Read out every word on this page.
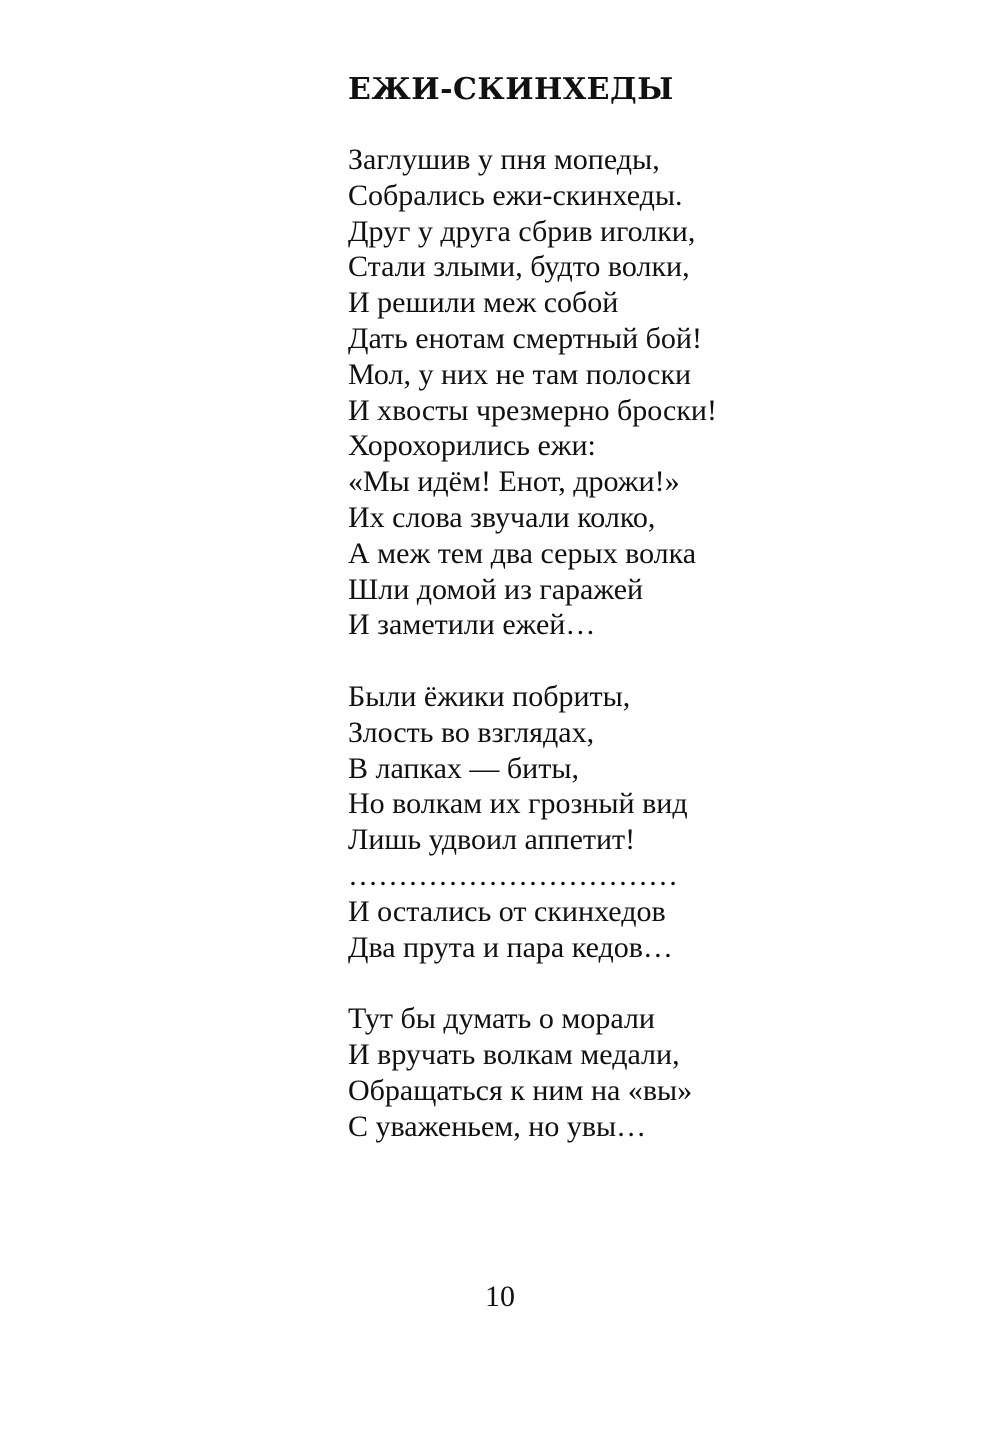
ЕЖИ-СКИНХЕДЫ
Заглушив у пня мопеды,
Собрались ежи-скинхеды.
Друг у друга сбрив иголки,
Стали злыми, будто волки,
И решили меж собой
Дать енотам смертный бой!
Мол, у них не там полоски
И хвосты чрезмерно броски!
Хорохорились ежи:
«Мы идём! Енот, дрожи!»
Их слова звучали колко,
А меж тем два серых волка
Шли домой из гаражей
И заметили ежей…
Были ёжики побриты,
Злость во взглядах,
В лапках — биты,
Но волкам их грозный вид
Лишь удвоил аппетит!
……………………………
И остались от скинхедов
Два прута и пара кедов…
Тут бы думать о морали
И вручать волкам медали,
Обращаться к ним на «вы»
С уваженьем, но увы…
10
